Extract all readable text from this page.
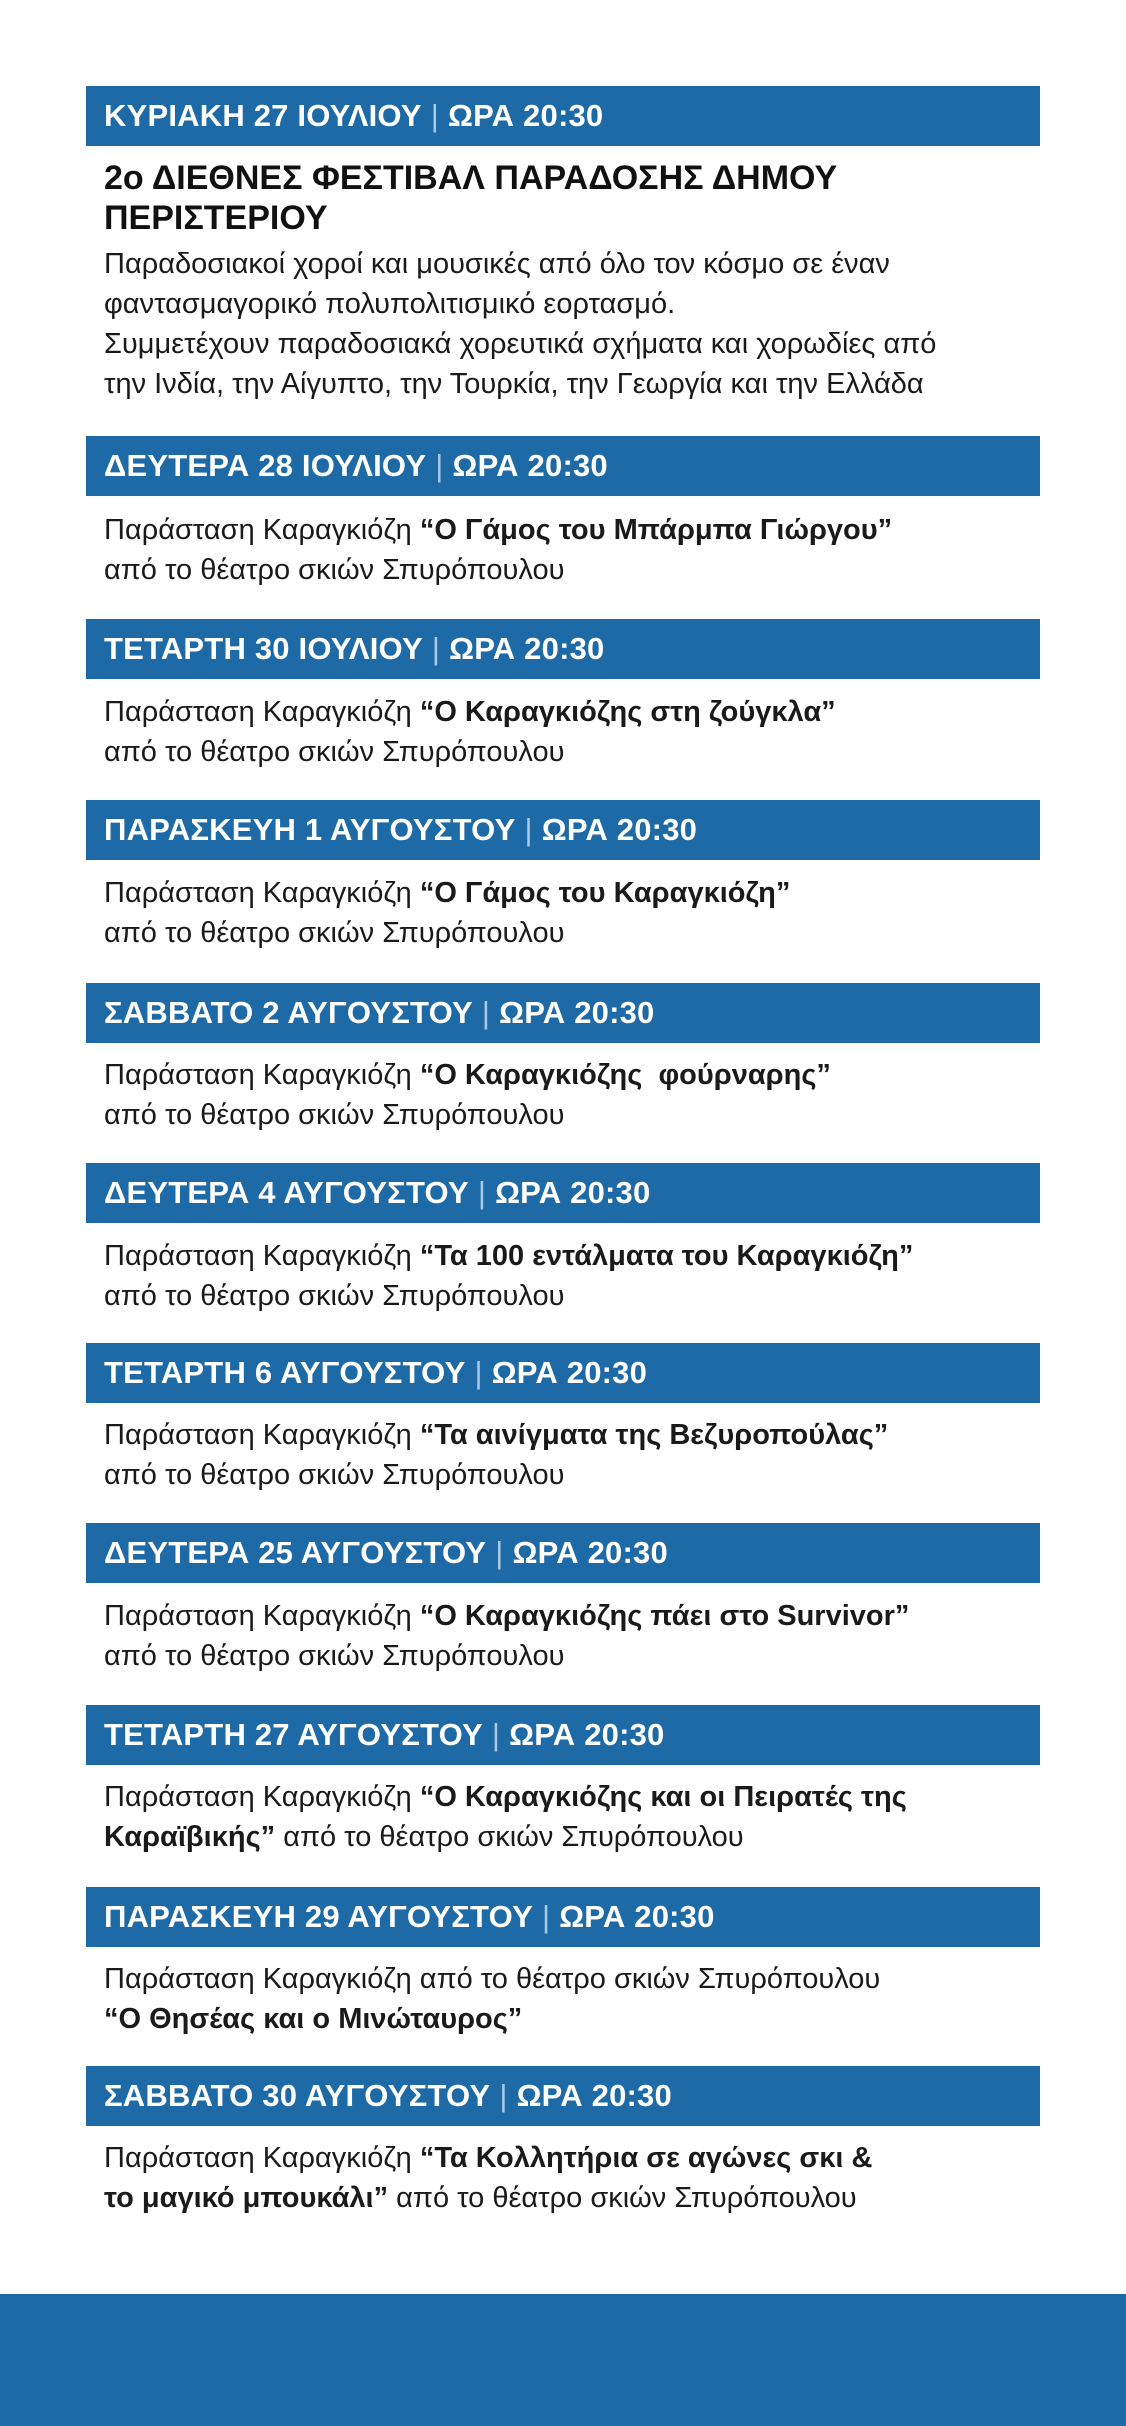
ΚΥΡΙΑΚΗ 27 ΙΟΥΛΙΟΥ | ΩΡΑ 20:30
2ο ΔΙΕΘΝΕΣ ΦΕΣΤΙΒΑΛ ΠΑΡΑΔΟΣΗΣ ΔΗΜΟΥ
ΠΕΡΙΣΤΕΡΙΟΥ
Παραδοσιακοί χοροί και μουσικές από όλο τον κόσμο σε έναν
φαντασμαγορικό πολυπολιτισμικό εορτασμό.
Συμμετέχουν παραδοσιακά χορευτικά σχήματα και χορωδίες από
την Ινδία, την Αίγυπτο, την Τουρκία, την Γεωργία και την Ελλάδα
ΔΕΥΤΕΡΑ 28 ΙΟΥΛΙΟΥ | ΩΡΑ 20:30
Παράσταση Καραγκιόζη “Ο Γάμος του Μπάρμπα Γιώργου”
από το θέατρο σκιών Σπυρόπουλου
ΤΕΤΑΡΤΗ 30 ΙΟΥΛΙΟΥ | ΩΡΑ 20:30
Παράσταση Καραγκιόζη “Ο Καραγκιόζης στη ζούγκλα”
από το θέατρο σκιών Σπυρόπουλου
ΠΑΡΑΣΚΕΥΗ 1 ΑΥΓΟΥΣΤΟΥ | ΩΡΑ 20:30
Παράσταση Καραγκιόζη “Ο Γάμος του Καραγκιόζη”
από το θέατρο σκιών Σπυρόπουλου
ΣΑΒΒΑΤΟ 2 ΑΥΓΟΥΣΤΟΥ | ΩΡΑ 20:30
Παράσταση Καραγκιόζη “Ο Καραγκιόζης  φούρναρης”
από το θέατρο σκιών Σπυρόπουλου
ΔΕΥΤΕΡΑ 4 ΑΥΓΟΥΣΤΟΥ | ΩΡΑ 20:30
Παράσταση Καραγκιόζη “Τα 100 εντάλματα του Καραγκιόζη”
από το θέατρο σκιών Σπυρόπουλου
ΤΕΤΑΡΤΗ 6 ΑΥΓΟΥΣΤΟΥ | ΩΡΑ 20:30
Παράσταση Καραγκιόζη “Τα αινίγματα της Βεζυροπούλας”
από το θέατρο σκιών Σπυρόπουλου
ΔΕΥΤΕΡΑ 25 ΑΥΓΟΥΣΤΟΥ | ΩΡΑ 20:30
Παράσταση Καραγκιόζη “Ο Καραγκιόζης πάει στο Survivor”
από το θέατρο σκιών Σπυρόπουλου
ΤΕΤΑΡΤΗ 27 ΑΥΓΟΥΣΤΟΥ | ΩΡΑ 20:30
Παράσταση Καραγκιόζη “Ο Καραγκιόζης και οι Πειρατές της
Καραϊβικής” από το θέατρο σκιών Σπυρόπουλου
ΠΑΡΑΣΚΕΥΗ 29 ΑΥΓΟΥΣΤΟΥ | ΩΡΑ 20:30
Παράσταση Καραγκιόζη από το θέατρο σκιών Σπυρόπουλου
“Ο Θησέας και ο Μινώταυρος”
ΣΑΒΒΑΤΟ 30 ΑΥΓΟΥΣΤΟΥ | ΩΡΑ 20:30
Παράσταση Καραγκιόζη “Τα Κολλητήρια σε αγώνες σκι &
το μαγικό μπουκάλι” από το θέατρο σκιών Σπυρόπουλου
